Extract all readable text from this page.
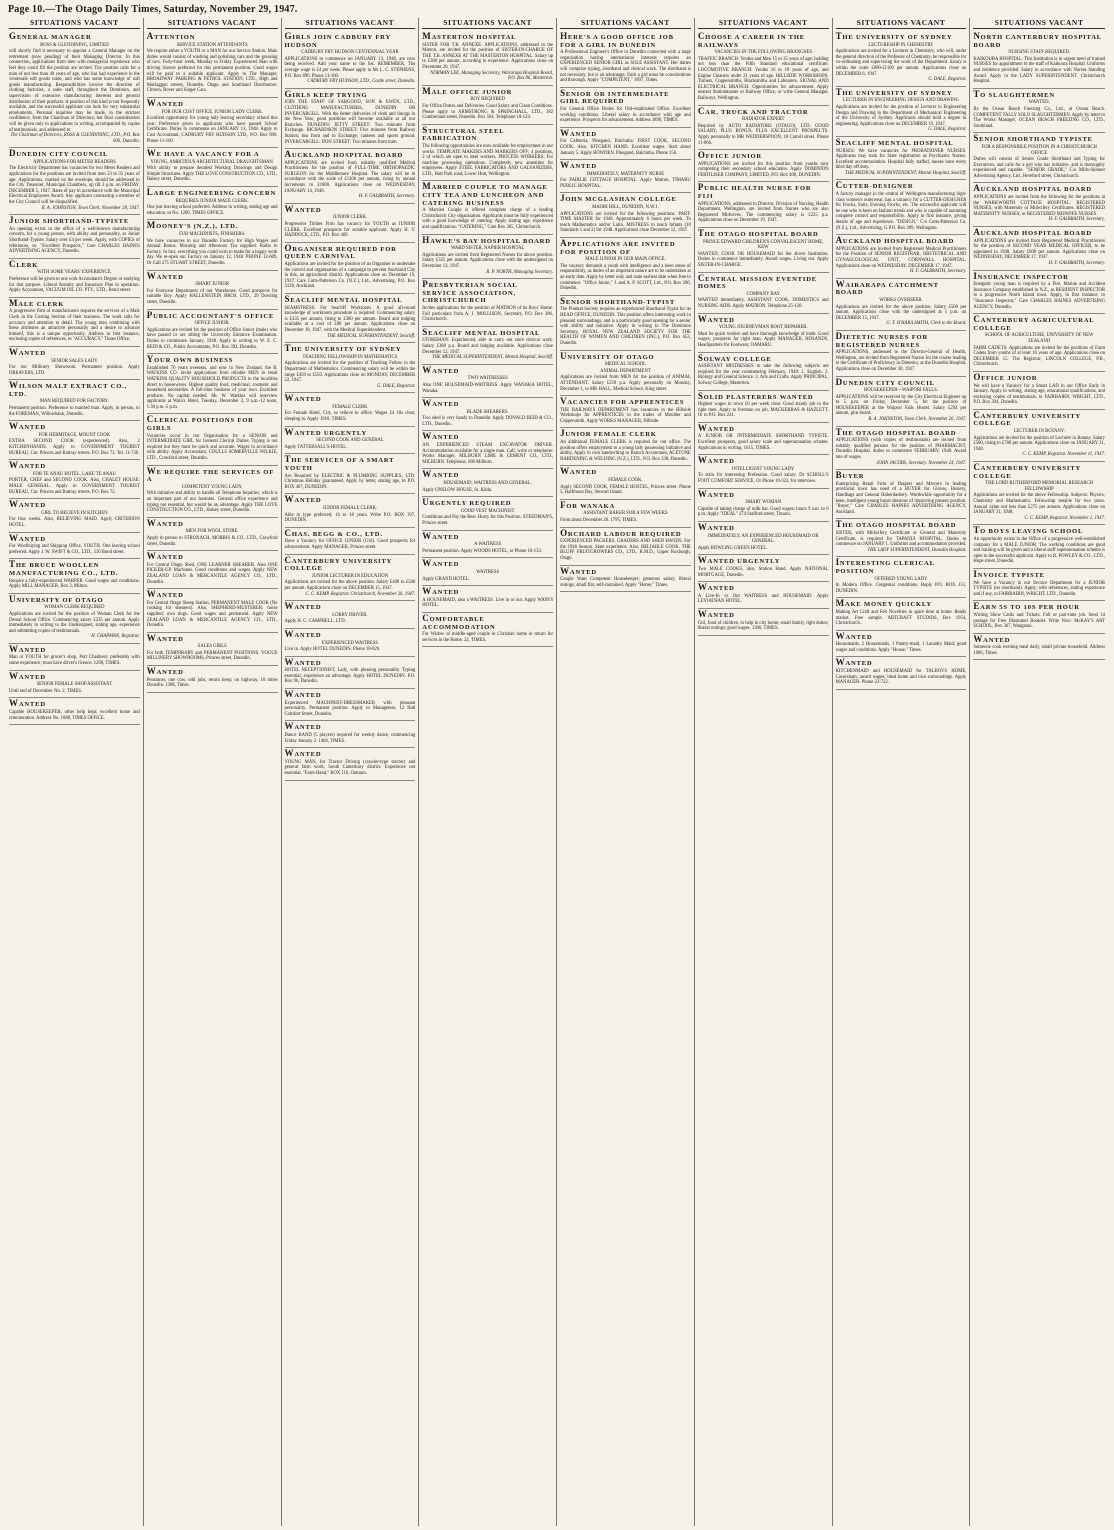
Page 10.—The Otago Daily Times, Saturday, November 29, 1947.
SITUATIONS VACANT
GENERAL MANAGER
ROSS & GLENDINING, LIMITED
will shortly find it necessary to appoint a General Manager on the retirement (now pending) of their Managing Director. In this connection, applications from men with managerial experience who feel they could fill the position are invited. The position calls for a man of not less than 40 years of age, who has had experience in the wholesale soft goods trade, and who has some knowledge of soft goods manufacturing. Responsibilities involve the direction of clothing factories, a sales staff, throughout the Dominion, and supervision of extensive manufacturing interests and general distribution of their products. A position of this kind is not frequently available, and the successful applicant can look for very substantial emoluments. Personal inquiries may be made, in the strictest confidence, from the Chairman of Directors; but final consideration will be given only to applications in writing, accompanied by copies of testimonials, and addressed to
The Chairman of Directors, ROSS & GLENDINING, LTD., P.O. Box 606, Dunedin.
DUNEDIN CITY COUNCIL
APPLICATIONS FOR METER READERS
The Electricity Department has vacancies for two Meter Readers and applications for the positions are invited from men 23 to 35 years of age. Applications, marked on the envelope, should be addressed to the City Treasurer, Municipal Chambers, up till 3 p.m. on FRIDAY, DECEMBER 5, 1947. Rates of pay in accordance with the Municipal Electrical Employees Award. Any applicant canvassing a member of the City Council will be disqualified.
R. A. JOHNSTON, Town Clerk. November 28, 1947.
JUNIOR SHORTHAND-TYPISTE
An opening exists in the office of a well-known manufacturing concern, for a young person, with ability and personality, as Junior Shorthand-Typiste. Salary over £4 per week. Apply, with COPIES of references, to: "Excellent Prospects," Care CHARLES HAINES ADVERTISING AGENCY, Dunedin.
CLERK
WITH SOME YEARS' EXPERIENCE.
Preference will be given to one with Accountant's Degree or studying for that purpose. Liberal Annuity and Insurance Plan in operation. Apply Accountant, VACUUM OIL CO. PTY., LTD., Bond street.
MALE CLERK
A progressive firm of manufacturers requires the services of a Male Clerk in the Costing Section of their business. The work calls for accuracy and attention to detail. The young man combining with these attributes an attractive personality and a desire to advance himself, this is a unique opportunity. Address in first instance, enclosing copies of references, to "ACCURACY," Times Office.
WANTED
SENIOR SALES LADY
For our Millinery Showroom. Permanent position. Apply DREAVERS, LTD.
WILSON MALT EXTRACT CO., LTD.
MAN REQUIRED FOR FACTORY.
Permanent position. Preference to married man. Apply, in person, to the FOREMAN, Willowbank, Dunedin.
WANTED
FOR HERMITAGE, MOUNT COOK
EXTRA SECOND COOK (experienced). Also, 2 KITCHENHANDS. Apply to GOVERNMENT TOURIST BUREAU, Cnr. Princes and Rattray streets. P.O. Box 72. Tel. 11-730.
WANTED
FOR TE ANAU HOTEL, LAKE TE ANAU
PORTER, CHEF and SECOND COOK. Also, CHALET HOUSE: MALE GENERAL. Apply to GOVERNMENT TOURIST BUREAU, Cnr. Princes and Rattray streets. P.O. Box 72.
WANTED
GIRL TO RELIEVE IN KITCHEN
For four weeks. Also, RELIEVING MAID. Apply CRITERION HOTEL.
WANTED
For Woolbuying and Shipping Office, YOUTH. One leaving school preferred. Apply J. W. SWIFT & CO., LTD., 110 Bond street.
THE BRUCE WOOLLEN MANUFACTURING CO., LTD.
Require a fully-experienced WARPER. Good wages and conditions. Apply MILL MANAGER, Box 2, Milton.
UNIVERSITY OF OTAGO
WOMAN CLERK REQUIRED
Applications are invited for the position of Woman Clerk for the Dental School Office. Commencing salary £235 per annum. Apply immediately in writing to the Undersigned, stating age, experience and submitting copies of testimonials.
H. CHAPMAN, Registrar.
WANTED
Man or YOUTH for grocer's shop, Port Chalmers; preferably with some experience; must have driver's licence. 1200, TIMES.
WANTED
SENIOR FEMALE SHOP ASSISTANT
Until end of December. No. 2, TIMES.
WANTED
Capable HOUSEKEEPER; other help kept; excellent home and remuneration. Address No. 1080, TIMES OFFICE.
SITUATIONS VACANT
ATTENTION
SERVICE STATION ATTENDANTS
We require either a YOUTH or a MAN for our Service Station. Main duties would consist of washing and polishing cars and the greasing of cars. Forty-hour week, Monday to Friday. Experienced Man with driving licence preferred for this permanent position. Good wages will be paid to a suitable applicant. Apply to The Manager, BROADWAY PARKING & PETROL STATION, LTD., High and Maclaggan streets, Dunedin. Otago and Southland Distributors: Citroen, Rover and Singer Cars.
WANTED
FOR OUR COST OFFICE, JUNIOR LADY CLERK.
Excellent opportunity for young lady leaving secondary school this year. Preference given to applicants who have passed School Certificate. Duties to commence on JANUARY 13, 1948. Apply to Cost Accountant, CADBURY FRY HUDSON LTD., P.O. Box 890. Phone 11-160.
WE HAVE A VACANCY FOR A
YOUNG, AMBITIOUS ARCHITECTURAL DRAUGHTSMAN.
With ability to prepare detailed Working Drawings and Design Simple Structures. Apply THE LOVE CONSTRUCTION CO., LTD., Halsey street, Dunedin.
LARGE ENGINEERING CONCERN
REQUIRES JUNIOR MALE CLERK.
One just leaving school preferred. Address in writing, stating age and education, to No. 1200, TIMES OFFICE.
MOONEY'S (N.Z.), LTD.
FUR MACHINISTS, FINISHERS.
We have vacancies in our Dunedin Factory for High Wages and Annual Bonus. Morning and Afternoon Tea supplied. Radio in Factory. In fact, everything you could wish to make for a happy work day. We re-open our Factory on January 12, 1948. PHONE 12-609, Or Call 275 STUART STREET, Dunedin.
WANTED
SMART JUNIOR
For Footwear Department of our Warehouse. Good prospects for suitable Boy. Apply HALLENSTEIN BROS. LTD., 29 Dowling street, Dunedin.
PUBLIC ACCOUNTANT'S OFFICE
OFFICE JUNIOR.
Applications are invited for the position of Office Junior (male) who have passed or are sitting the University Entrance Examination. Duties to commence January, 1948. Apply in writing to W. E. C. REID & CO., Public Accountants, P.O. Box 392, Dunedin.
YOUR OWN BUSINESS
Established 70 years overseas, and now in New Zealand, the B. WATKINS CO. invite applications from reliable MEN to retail WATKINS QUALITY HOUSEHOLD PRODUCTS in the localities direct to housewives. Highest quality food, medicinal, cosmetic and household necessities. A full-time business of your own. Excellent products. No capital needed. Mr. W. Watkins will interview applicants at Wain's Hotel, Tuesday, December 2, 9 a.m.-12 noon, 1.30 p.m.-5 p.m.
CLERICAL POSITIONS FOR GIRLS
Vacancies occur in our Organisation for a SENIOR and INTERMEDIATE GIRL for General Clerical Duties. Typing is not required but they must be quick and accurate. Wages in accordance with ability. Apply Accountant, COULLS SOMERVILLE WILKIE, LTD., Crawford street, Dunedin.
WE REQUIRE THE SERVICES OF A
COMPETENT YOUNG LADY,
With initiative and ability to handle all Telephone Inquiries, which is an important part of our business. General office experience and typing not essential, but would be an advantage. Apply THE LOVE CONSTRUCTION CO., LTD., Halsey street, Dunedin.
WANTED
MEN FOR WOOL STORE.
Apply in person to STRONACH, MORRIS & CO., LTD., Crawford street, Dunedin.
WANTED
For Central Otago Shed, ONE LEARNER SHEARER. Also ONE PICKER-UP. Machines. Good conditions and wages. Apply NEW ZEALAND LOAN & MERCANTILE AGENCY CO., LTD., Dunedin.
WANTED
For Central Otago Sheep Station, PERMANENT MALE COOK (No cooking for shearers). Also, SHEPHERD-MUSTERER; horse supplied; own dogs. Good wages and permanent. Apply NEW ZEALAND LOAN & MERCANTILE AGENCY CO., LTD., Dunedin.
WANTED
SALES GIRLS
For both TEMPORARY and PERMANENT POSITIONS. VOGUE MILLINERY SHOWROOMS, Princes street, Dunedin.
WANTED
Pensioner, one cow, odd jobs, return keep; on highway, 10 miles Dunedin. 1308, Times.
SITUATIONS VACANT
GIRLS JOIN CADBURY FRY HUDSON
CADBURY FRY HUDSON CENTENNIAL YEAR
APPLICATIONS to commence on JANUARY 13, 1948, are now being received. Add your name to the list. REMEMBER, The average wage is £4 per week. Please apply to Mr L. C. STEPHENS, P.O. Box 890. Phone 11-160.
CADBURY FRY HUDSON, LTD., Castle street, Dunedin.
GIRLS KEEP TRYING
JOIN THE STAFF OF SARGOOD, SON & EWEN, LTD., CLOTHING MANUFACTURERS, DUNEDIN OR INVERCARGILL. With the better deliveries of cloth and linings in the New Year, good positions will become available at all our Branches. DUNEDIN: JETTY STREET: Two minutes from Exchange. RICHARDSON STREET: Five minutes from Railway Station; bus from and to Exchange; canteen and sports ground. INVERCARGILL: DON STREET: Two minutes from tram.
AUCKLAND HOSPITAL BOARD
APPLICATIONS are invited from suitably qualified Medical Practitioners for the position of FULL-TIME ORTHOPAEDIC SURGEON for the Middlemore Hospital. The salary will be in accordance with the scale of £1200 per annum, rising by annual increments to £1800. Applications close on WEDNESDAY, JANUARY 14, 1948.
H. F. GALBRAITH, Secretary.
WANTED
JUNIOR CLERK.
Progressive Timber Firm has vacancy for YOUTH as JUNIOR CLERK. Excellent prospects for suitable applicant. Apply H. V. HADDOCK, LTD., P.O. Box 409.
ORGANISER REQUIRED FOR QUEEN CARNIVAL
Applications are invited for the position of an Organiser to undertake the control and organisation of a campaign to prevent Auckland City in this, an agricultural district. Applications close on December 19, 1947. Care Cutts-Patterson Co. (N.Z.), Ltd., Advertising, P.O. Box 3120, Auckland.
SEACLIFF MENTAL HOSPITAL
SEAMSTRESS: For Seacliff Workroom. A good all-round knowledge of workroom procedure is required. Commencing salary is £335 per annum, rising to £380 per annum. Board and lodging available at a cost of £80 per annum. Applications close on December 18, 1947, with the Medical Superintendent.
THE MEDICAL SUPERINTENDENT, Seacliff.
THE UNIVERSITY OF SYDNEY
TEACHING FELLOWSHIP IN MATHEMATICS
Applications are invited for the position of Teaching Fellow in the Department of Mathematics. Commencing salary will be within the range £450 to £550. Applications close on MONDAY, DECEMBER 22, 1947.
G. DALE, Registrar.
WANTED
FEMALE CLERK
For Female Hotel, City, to relieve in office. Wages £4 10s clear, sleeping in. Apply 1910, TIMES.
WANTED URGENTLY
SECOND COOK AND GENERAL
Apply TATTERSALL'S HOTEL.
THE SERVICES OF A SMART YOUTH
Are Required by ELECTRIC & PLUMBING SUPPLIES, LTD. Christmas Holiday guaranteed. Apply by letter, stating age, to P.O. BOX 467, DUNEDIN.
WANTED
JUNIOR FEMALE CLERK.
Able to type preferred; 16 to 18 years. Write P.O. BOX 397, DUNEDIN.
CHAS. BEGG & CO., LTD.
Have a Vacancy for OFFICE JUNIOR (Girl). Good prospects for advancement. Apply MANAGER, Princes street.
CANTERBURY UNIVERSITY COLLEGE
JUNIOR LECTURER IN EDUCATION
Applications are invited for the above position. Salary £400 to £500 per annum. Applications close on DECEMBER 15, 1947.
C. C. KEMP, Registrar. Christchurch, November 26, 1947.
WANTED
LORRY DRIVER.
Apply H. C. CAMPBELL, LTD.
WANTED
EXPERIENCED WAITRESS
Live in. Apply HOTEL DUNEDIN. Phone 10-026.
WANTED
HOTEL RECEPTIONIST, Lady, with pleasing personality. Typing essential; experience an advantage. Apply HOTEL DUNEDIN. P.O. Box 96, Dunedin.
WANTED
Experienced MACHINIST-DRESSMAKER with pleasant personality. Permanent position. Apply to Manageress, 12 Hall Comfort Street, Dunedin.
WANTED
Dance BAND (5 players) required for weekly dance, commencing Friday January 2. 1404, TIMES.
WANTED
YOUNG MAN, for Tractor Driving (crawler-type tractor) and general farm work, South Canterbury district. Experience not essential. "Farm Hand," BOX 116, Oamaru.
SITUATIONS VACANT
MASTERTON HOSPITAL
SISTER FOR T.B. ANNEXE. APPLICATIONS, addressed to the Matron, are invited for the position of SISTER-IN-CHARGE OF THE T.B. ANNEXE AT THE MASTERTON HOSPITAL. Salary up to £380 per annum, according to experience. Applications close on December 20, 1947.
NORMAN LEE, Managing Secretary, Wairarapa Hospital Board, P.O. Box 96, Masterton.
MALE OFFICE JUNIOR
BOY REQUIRED
For Office Duties and Deliveries. Good Salary and Clean Conditions. Please apply to ARMSTRONG & SPRINGHALL, LTD., 182 Cumberland street, Dunedin. Box 504. Telephone 10-124.
STRUCTURAL STEEL FABRICATION
The following opportunities are now available for employment in our works: TEMPLATE MAKERS AND MARKERS OFF; 4 positions, 2 of which are open to steel workers. PROCESS WORKERS: For machine processing operations. Completely new amenities for employees. Apply STEEL FABRICATORS AND GALVANIZERS, LTD., Hutt Park road, Lower Hutt, Wellington.
MARRIED COUPLE TO MANAGE CITY TEA AND LUNCHEON AND CATERING BUSINESS
A Married Couple is offered complete charge of a leading Christchurch City organisation. Applicants must be fully experienced with a good knowledge of catering. Apply stating age, experience and qualifications. "CATERING," Care Box 365, Christchurch.
HAWKE'S BAY HOSPITAL BOARD
WARD SISTER, NAPIER HOSPITAL
Applications are invited from Registered Nurses for above position. Salary £325 per annum. Applications close with the undersigned on December 13, 1947.
R. P. NORTH, Managing Secretary.
PRESBYTERIAN SOCIAL SERVICE ASSOCIATION, CHRISTCHURCH
Invites applications for the position of MATRON of its Boys' Home. Full particulars from A. J. MOLLISON, Secretary, P.O. Box 386, Christchurch.
SEACLIFF MENTAL HOSPITAL
STOREMAN: Experienced, able to carry out store clerical work. Salary £380 p.a. Board and lodging available. Applications close December 12, 1947.
THE MEDICAL SUPERINTENDENT, Mental Hospital, Seacliff.
WANTED
TWO WAITRESSES
Also ONE HOUSEMAID-WAITRESS. Apply WANAKA HOTEL, Wanaka.
WANTED
BLADE SHEARERS.
Two shed is very handy to Dunedin. Apply DONALD REID & CO., LTD., Dunedin.
WANTED
AN EXPERIENCED STEAM EXCAVATOR DRIVER. Accommodation available for a single man. Call, write or telephone: Works Manager, MILBURN LIME & CEMENT CO., LTD., MILBURN. Telephone, 686 Milburn.
WANTED
HOUSEMAID, WAITRESS AND GENERAL.
Apply ONSLOW HOUSE, St. Kilda.
URGENTLY REQUIRED
GOOD VEST MACHINIST
Conditions and Pay the Best. Hurry for this Position. STEEDMAN'S, Princes street.
WANTED
A WAITRESS
Permanent position. Apply WOODS HOTEL, or Phone 10-133.
WANTED
WAITRESS
Apply GRAND HOTEL.
WANTED
A HOUSEMAID, also a WAITRESS. Live in or out. Apply WAIN'S HOTEL.
COMFORTABLE ACCOMMODATION
For Widow or middle-aged couple in Christian home in return for services in the Home. 22, TIMES.
SITUATIONS VACANT
HERE'S A GOOD OFFICE JOB FOR A GIRL IN DUNEDIN
A Professional Engineer's Office in Dunedin connected with a large organisation having international interests requires an EXPERIENCED SENIOR GIRL as SOLE ASSISTANT. Her duties will comprise typing, shorthand and clerical work. The shorthand is not necessary, but is an advantage. Such a girl must be conscientious and thorough. Apply "COMPETENT," 1897, Times.
SENIOR OR INTERMEDIATE GIRL REQUIRED
For General Office Duties for Old-established Office. Excellent working conditions. Liberal salary in accordance with age and experience. Prospects for advancement. Address 1896, TIMES.
WANTED
For Cafeteria, Pinegand, Balclutha: FIRST COOK, SECOND COOK. Also, KITCHEN HAND. Excellent wages. Start about January 5. Apply BOWDEN, Pinegand, Balclutha. Phone 156.
WANTED
IMMEDIATELY, MATERNITY NURSE
For FAIRLIE COTTAGE HOSPITAL. Apply Matron, TIMARU PUBLIC HOSPITAL.
JOHN MCGLASHAN COLLEGE
MAORI HILL, DUNEDIN, N.W.1.
APPLICATIONS are invited for the following positions: PART-TIME MASTER for 1948. Approximately 6 hours per week. To teach Mathematics and/or Latin. MISTRESS to teach Infants (10 Standards 1 and 2) for 1948. Applications close December 12, 1947.
APPLICATIONS ARE INVITED FOR POSITION OF
MALE JUNIOR IN OUR MAIN OFFICE.
The vacancy demands a youth with intelligence and a keen sense of responsibility, as duties of an important nature are to be undertaken at an early date. Apply by letter only and state earliest date when free to commence. "Office Junior," J. and A. P. SCOTT, Ltd., P.O. Box 200, Dunedin.
SENIOR SHORTHAND-TYPIST
The Plunket Society requires an experienced Shorthand-Typist for its HEAD OFFICE, DUNEDIN. This position offers interesting work in pleasant surroundings, and is a particularly good opening for a senior with ability and initiative. Apply in writing to The Dominion Secretary, ROYAL NEW ZEALAND SOCIETY FOR THE HEALTH OF WOMEN AND CHILDREN (INC.), P.O. Box 653, Dunedin.
UNIVERSITY OF OTAGO
MEDICAL SCHOOL
ANIMAL DEPARTMENT
Applications are invited from MEN for the position of ANIMAL ATTENDANT. Salary £258 p.a. Apply personally on Monday, December 1, to MR HALL, Medical School, King street.
VACANCIES FOR APPRENTICES
THE RAILWAYS DEPARTMENT has vacancies in the Hillside Workshops for APPRENTICES in the trades of Moulder and Coppersmith. Apply WORKS MANAGER, Hillside.
JUNIOR FEMALE CLERK
An additional FEMALE CLERK is required for our office. The position offers employment to a young lady possessing initiative and ability. Apply in own handwriting to Branch Accountant, ACETONE HARDENING & WELDING (N.Z.), LTD., P.O. Box 338, Dunedin.
WANTED
FEMALE COOK.
Apply SECOND COOK, FEMALE HOSTEL, Princes street. Phone 5, Halfmoon Bay, Stewart Island.
FOR WANAKA
ASSISTANT BAKER FOR A FEW WEEKS
From about December 20. 1795, TIMES.
ORCHARD LABOUR REQUIRED
EXPERIENCED PACKERS, GRADERS AND SHED HANDS. For the 1948 Season. State experience. Also, RELIABLE COOK. THE BLUFF FRUITGROWERS CO., LTD., R.M.D., Upper Roxburgh, Otago.
WANTED
Couple Want Competent Housekeeper; generous salary, liberal outings; small flat, self-contained. Apply "Home," Times.
SITUATIONS VACANT
CHOOSE A CAREER IN THE RAILWAYS
VACANCIES IN THE FOLLOWING BRANCHES
TRAFFIC BRANCH: Youths and Men 15 to 35 years of age; holding not less than the Fifth Standard educational certificate. LOCOMOTIVE BRANCH: Youths 16 to 18 years of age, and Engine Cleaners under 21 years of age. HILLSIDE WORKSHOPS: Turners, Coppersmiths, Blacksmiths and Labourers. SIGNAL AND ELECTRICAL BRANCH. Opportunities for advancement. Apply nearest Stationmaster or Railway Office, or write General Manager, Railways, Wellington.
CAR, TRUCK AND TRACTOR
RADIATOR EXPERT
Required by AUTO RADIATORS (OTAGO), LTD. GOOD SALARY, PLUS BONUS, PLUS EXCELLENT PROSPECTS. Apply personally to MR WEDDERSPOON, 18 Carroll street. Phone 11-066.
OFFICE JUNIOR
APPLICATIONS are invited for this position from youths now completing their secondary school education. Apply DOMINION FERTILISER COMPANY, LIMITED, P.O. Box 400, DUNEDIN.
PUBLIC HEALTH NURSE FOR FIJI
APPLICATIONS, addressed to Director, Division of Nursing, Health Department, Wellington, are invited from Nurses who are also Registered Midwives. The commencing salary is £225 p.a. Applications close on December 19, 1947.
THE OTAGO HOSPITAL BOARD
PRINCE EDWARD CHILDREN'S CONVALESCENT HOME, KEW
WANTED, COOK OR HOUSEMAID for the above Institution. Duties to commence immediately. Award wages. Living out. Apply SISTER-IN-CHARGE.
CENTRAL MISSION EVENTIDE HOMES
COMPANY BAY
WANTED immediately, ASSISTANT COOK, DOMESTICS and NURSING AIDS. Apply MATRON. Telephone 25-120.
WANTED
YOUNG JOURNEYMAN BOOT REPAIRER.
Must be quick worker and have thorough knowledge of trade. Good wages; prospects for right man. Apply MANAGER, HOSANDS, Headquarters for Footwear, OAMARU.
SOLWAY COLLEGE
ASSISTANT MISTRESSES to take the following subjects are required for the year commencing February, 1948: 1. English. 2. Biology and General Science. 3. Arts and Crafts. Apply PRINCIPAL, Solway College, Masterton.
SOLID PLASTERERS WANTED
Highest wages in town £6 per week clear. Good steady job to the right men. Apply to foreman on job, MACKERRAS & HAZLETT, Or to P.O. Box 241.
WANTED
A JUNIOR OR INTERMEDIATE SHORTHAND TYPISTE. Excellent prospects, good salary scale and superannuation scheme. Applications in writing. 1615, TIMES.
WANTED
INTELLIGENT YOUNG LADY
To train for interesting Profession. Good salary. Dr SCHOLL'S FOOT COMFORT SERVICE. Or Phone 10-322, for interview.
WANTED
SMART WOMAN
Capable of taking charge of milk bar. Good wages; hours 9 a.m. to 6 p.m. Apply "IDEAL" 274 Stafford street, Timaru.
WANTED
IMMEDIATELY, AN EXPERIENCED HOUSEMAID OR GENERAL.
Apply BOWLING GREEN HOTEL.
WANTED URGENTLY
Two MALE COOKS, also, Station Hand. Apply NATIONAL MORTGAGE, Dunedin.
WANTED
A Live-In or Out WAITRESS and HOUSEMAID. Apply LEVIATHAN HOTEL.
WANTED
Girl, fond of children, to help in city home; small family, light duties; liberal outings; good wages. 1306, TIMES.
SITUATIONS VACANT
THE UNIVERSITY OF SYDNEY
LECTURESHIP IN CHEMISTRY
Applications are invited for a Lecturer in Chemistry, who will, under the general direction of the Professor of Chemistry, be responsible for co-ordinating and supervising the work of the Department. Salary is within the scale £800-£1100 per annum. Applications close on DECEMBER 6, 1947.
G. DALE, Registrar.
THE UNIVERSITY OF SYDNEY
LECTURER IN ENGINEERING DESIGN AND DRAWING
Applications are invited for the position of Lecturer in Engineering Design and Drawing in the Department of Mechanical Engineering of the University of Sydney. Applicants should hold a degree in engineering. Applications close on DECEMBER 19, 1947.
G. DALE, Registrar.
SEACLIFF MENTAL HOSPITAL
NURSES: We have vacancies for PROBATIONER NURSES. Applicants may train for State registration as Psychiatric Nurses. Excellent accommodation. Hospital fully staffed, nurses have every third day off duty.
THE MEDICAL SUPERINTENDENT, Mental Hospital, Seacliff.
CUTTER-DESIGNER
A factory manager in the central of Wellington manufacturing high-class women's outerwear, has a vacancy for a CUTTER-DESIGNER for Frocks, Suits, Evening Frocks, etc. The successful applicant will be one who is keen on fashion trends and who is capable of assuming complete control and responsibility. Apply in first instance, giving details of age and experience. "DESIGN," C/o Cutts-Patterson Co. (N.Z.), Ltd., Advertising, G.P.O. Box 309, Wellington.
AUCKLAND HOSPITAL BOARD
APPLICATIONS are invited from Registered Medical Practitioners for the Position of SENIOR REGISTRAR, OBSTETRICAL AND GYNAECOLOGICAL UNIT, CORNWALL HOSPITAL. Applications close on WEDNESDAY, DECEMBER 17, 1947.
H. F. GALBRAITH, Secretary.
WAIRARAPA CATCHMENT BOARD
WORKS OVERSEER.
Applications are invited for the above position. Salary £500 per annum. Applications close with the undersigned at 5 p.m. on DECEMBER 15, 1947.
G. T. O'HARA SMITH, Clerk to the Board.
DIETETIC NURSES FOR REGISTERED NURSES
APPLICATIONS, addressed to the Director-General of Health, Wellington, are invited from Registered Nurses for the course leading to the Certificate of Proficiency in Dietetics, at the Dunedin Hospital. Applications close on December 30, 1947.
DUNEDIN CITY COUNCIL
HOUSEKEEPER—WAIPORI FALLS.
APPLICATIONS will be received by the City Electrical Engineer up to 5 p.m. on Friday, December 5, for the position of HOUSEKEEPER at the Waipori Falls Hostel. Salary £294 per annum, plus board.
R. A. JOHNSTON, Town Clerk. November 26, 1947.
THE OTAGO HOSPITAL BOARD
APPLICATIONS (with copies of testimonials) are invited from suitably qualified persons for the position of PHARMACIST, Dunedin Hospital, duties to commence FEBRUARY, 1948. Award rate of wages.
JOHN JACOBS, Secretary. November 24, 1947.
BUYER
Enterprising Retail Firm of Drapers and Mercers in leading provincial town has need of a BUYER for Gloves, Hosiery, Handbags and General Haberdashery. Worthwhile opportunity for a keen, intelligent young buyer desirous of improving present position. "Buyer," Care CHARLES HAINES ADVERTISING AGENCY, Auckland.
THE OTAGO HOSPITAL BOARD
SISTER, with Midwifery Certificate or General and Maternity Certificate, is required for TAPANUI HOSPITAL. Duties to commence on JANUARY 1. Uniforms and accommodation provided.
THE LADY SUPERINTENDENT, Dunedin Hospital.
INTERESTING CLERICAL POSITION
OFFERED YOUNG LADY
In Modern Office. Congenial conditions. Reply P.O. BOX 151, DUNEDIN.
MAKE MONEY QUICKLY
Making Art Craft and Felt Novelties in spare time at home. Ready market. Free sample. ARTCRAFT STUDIOS, Box 1954, Christchurch.
WANTED
Housemaids, 2 Housemaids, 1 Pantry-maid, 1 Laundry Maid; good wages and conditions. Apply "House," Times.
WANTED
KITCHENMAID and HOUSEMAID for TALBOYS HOME, Caversham; award wages; ideal home and nice surroundings. Apply MANAGER. Phone 23-722.
SITUATIONS VACANT
NORTH CANTERBURY HOSPITAL BOARD
NURSING STAFF REQUIRED.
KAIKOURA HOSPITAL: This Institution is in urgent need of trained NURSES for appointment to the staff of Kaikoura Hospital. Uniforms and residence provided. Salary in accordance with Nurses Standing Award. Apply to the LADY SUPERINTENDENT, Christchurch Hospital.
TO SLAUGHTERMEN
WANTED,
By the Ocean Beach Freezing Co., Ltd., at Ocean Beach. COMPETENT TALLY SOLO SLAUGHTERMEN. Apply by letter to The Works Manager, OCEAN BEACH FREEZING CO., LTD., Southland.
SENIOR SHORTHAND TYPISTE
FOR A RESPONSIBLE POSITION IN A CHRISTCHURCH OFFICE
Duties will consist of Senior Grade Shorthand and Typing for Executives, and calls for a girl who has initiative, and is thoroughly experienced and capable. "SENIOR GRADE," C/o Mills-Skinner Advertising Agency, Ltd., Hereford street, Christchurch.
AUCKLAND HOSPITAL BOARD
APPLICATIONS are invited from the following for the positions at the WARKWORTH COTTAGE HOSPITAL: REGISTERED NURSES, with Maternity or Midwifery Certificates. REGISTERED MATERNITY NURSES, or REGISTERED MIDWIFE NURSES.
H. F. GALBRAITH, Secretary.
AUCKLAND HOSPITAL BOARD
APPLICATIONS are invited from Registered Medical Practitioners for the position of SECOND YEAR MEDICAL OFFICER, to be appointed in 1948. Salary £800 per annum. Applications close on WEDNESDAY, DECEMBER 17, 1947.
H. F. GALBRAITH, Secretary.
INSURANCE INSPECTOR
Energetic young man is required by a Fire, Marine and Accident Insurance Company established in N.Z., as RESIDENT INSPECTOR in a progressive North Island town. Apply, in first instance, to "Insurance Inspector," Care CHARLES HAINES ADVERTISING AGENCY, Dunedin.
CANTERBURY AGRICULTURAL COLLEGE
SCHOOL OF AGRICULTURE, UNIVERSITY OF NEW ZEALAND
FARM CADETS: Applications are invited for the positions of Farm Cadets from youths of at least 16 years of age. Applications close on DECEMBER 15. The Registrar, LINCOLN COLLEGE, P.B., Christchurch.
OFFICE JUNIOR
We will have a Vacancy for a Smart LAD in our Office Early in January. Apply in writing, stating age, educational qualifications, and enclosing copies of testimonials, to FAIRBAIRN, WRIGHT, LTD., P.O. Box 394, Dunedin.
CANTERBURY UNIVERSITY COLLEGE
LECTURER IN BOTANY.
Applications are invited for the position of Lecturer in Botany. Salary £500, rising to £700 per annum. Applications close on JANUARY 31, 1948.
C. C. KEMP, Registrar. November 11, 1947.
CANTERBURY UNIVERSITY COLLEGE
THE LORD RUTHERFORD MEMORIAL RESEARCH FELLOWSHIP
Applications are invited for the above Fellowship. Subjects: Physics, Chemistry and Mathematics. Fellowship tenable for two years. Annual value not less than £275 per annum. Applications close on JANUARY 31, 1948.
C. C. KEMP, Registrar. November 1, 1947.
TO BOYS LEAVING SCHOOL
An opportunity exists in the Office of a progressive well-established company for a MALE JUNIOR. The working conditions are good and training will be given and a liberal staff superannuation scheme is open to the successful applicant. Apply to R. POWLEY & CO., LTD., Hope street, Dunedin.
INVOICE TYPISTE
We have a Vacancy in our Invoice Department for a JUNIOR TYPISTE (no shorthand). Apply, with references, stating experience and if any, to FAIRBAIRN, WRIGHT, LTD., Dunedin.
EARN 5S TO 10S PER HOUR
Writing Show Cards and Tickets. Full or part-time job. Send 1d postage for Free Illustrated Booklet. Write Now: McKAY'S ART SCHOOL, Box 367, Wanganui.
WANTED
Someone cook evening meal daily, small private household. Address 1086, Times.
